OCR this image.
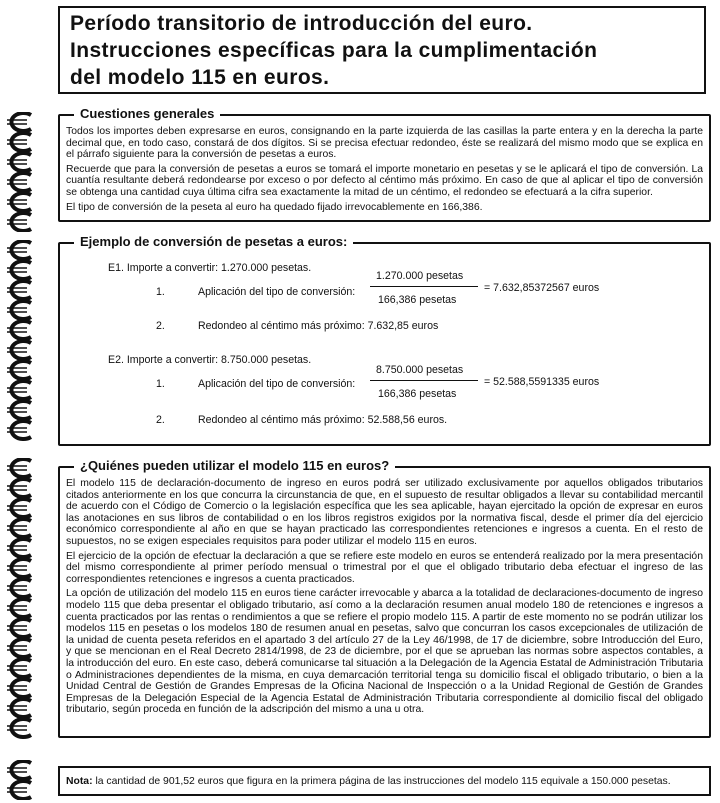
Período transitorio de introducción del euro.
Instrucciones específicas para la cumplimentación
del modelo 115 en euros.
Cuestiones generales

Todos los importes deben expresarse en euros, consignando en la parte izquierda de las casillas la parte entera y en la derecha la parte decimal que, en todo caso, constará de dos dígitos. Si se precisa efectuar redondeo, éste se realizará del mismo modo que se explica en el párrafo siguiente para la conversión de pesetas a euros.

Recuerde que para la conversión de pesetas a euros se tomará el importe monetario en pesetas y se le aplicará el tipo de conversión. La cuantía resultante deberá redondearse por exceso o por defecto al céntimo más próximo. En caso de que al aplicar el tipo de conversión se obtenga una cantidad cuya última cifra sea exactamente la mitad de un céntimo, el redondeo se efectuará a la cifra superior.

El tipo de conversión de la peseta al euro ha quedado fijado irrevocablemente en 166,386.

Ejemplo de conversión de pesetas a euros:
E1. Importe a convertir: 1.270.000 pesetas.
1.	Aplicación del tipo de conversión:
1.270.000 pesetas
166,386 pesetas
= 7.632,85372567 euros
2.	Redondeo al céntimo más próximo: 7.632,85 euros
E2. Importe a convertir: 8.750.000 pesetas.
1.	Aplicación del tipo de conversión:
8.750.000 pesetas
166,386 pesetas
= 52.588,5591335 euros
2.	Redondeo al céntimo más próximo: 52.588,56 euros.
¿Quiénes pueden utilizar el modelo 115 en euros?

El modelo 115 de declaración-documento de ingreso en euros podrá ser utilizado exclusivamente por aquellos obligados tributarios citados anteriormente en los que concurra la circunstancia de que, en el supuesto de resultar obligados a llevar su contabilidad mercantil de acuerdo con el Código de Comercio o la legislación específica que les sea aplicable, hayan ejercitado la opción de expresar en euros las anotaciones en sus libros de contabilidad o en los libros registros exigidos por la normativa fiscal, desde el primer día del ejercicio económico correspondiente al año en que se hayan practicado las correspondientes retenciones e ingresos a cuenta. En el resto de supuestos, no se exigen especiales requisitos para poder utilizar el modelo 115 en euros.

El ejercicio de la opción de efectuar la declaración a que se refiere este modelo en euros se entenderá realizado por la mera presentación del mismo correspondiente al primer período mensual o trimestral por el que el obligado tributario deba efectuar el ingreso de las correspondientes retenciones e ingresos a cuenta practicados.

La opción de utilización del modelo 115 en euros tiene carácter irrevocable y abarca a la totalidad de declaraciones-documento de ingreso modelo 115 que deba presentar el obligado tributario, así como a la declaración resumen anual modelo 180 de retenciones e ingresos a cuenta practicados por las rentas o rendimientos a que se refiere el propio modelo 115. A partir de este momento no se podrán utilizar los modelos 115 en pesetas o los modelos 180 de resumen anual en pesetas, salvo que concurran los casos excepcionales de utilización de la unidad de cuenta peseta referidos en el apartado 3 del artículo 27 de la Ley 46/1998, de 17 de diciembre, sobre Introducción del Euro, y que se mencionan en el Real Decreto 2814/1998, de 23 de diciembre, por el que se aprueban las normas sobre aspectos contables, a la introducción del euro. En este caso, deberá comunicarse tal situación a la Delegación de la Agencia Estatal de Administración Tributaria o Administraciones dependientes de la misma, en cuya demarcación territorial tenga su domicilio fiscal el obligado tributario, o bien a la Unidad Central de Gestión de Grandes Empresas de la Oficina Nacional de Inspección o a la Unidad Regional de Gestión de Grandes Empresas de la Delegación Especial de la Agencia Estatal de Administración Tributaria correspondiente al domicilio fiscal del obligado tributario, según proceda en función de la adscripción del mismo a una u otra.

Nota: la cantidad de 901,52 euros que figura en la primera página de las instrucciones del modelo 115 equivale a 150.000 pesetas.
